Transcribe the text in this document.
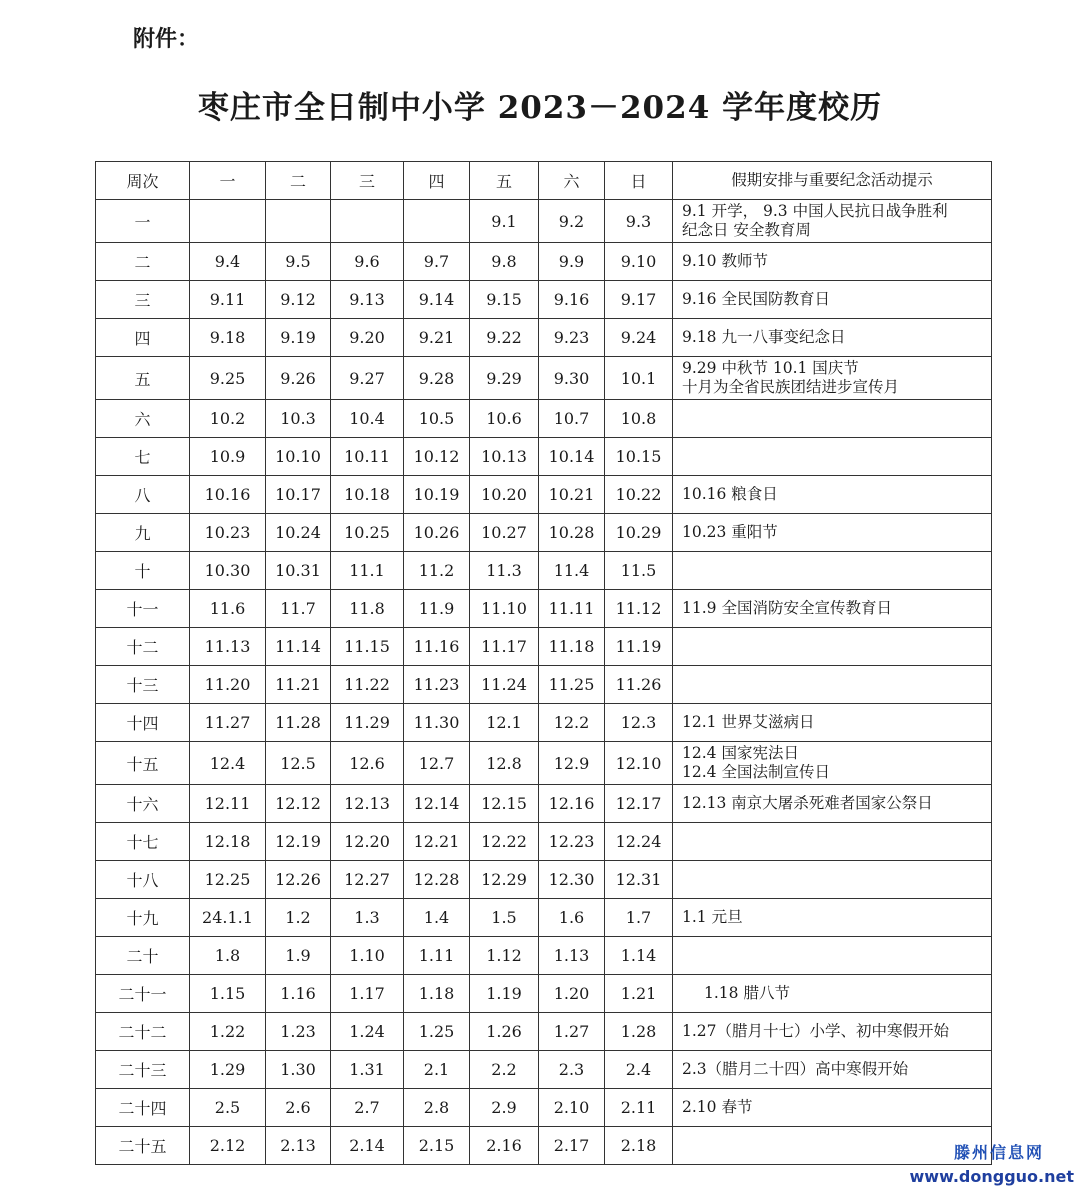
附件：
枣庄市全日制中小学 2023－2024 学年度校历
周次	一	二	三	四	五	六	日	假期安排与重要纪念活动提示
一					9.1	9.2	9.3	9.1 开学， 9.3 中国人民抗日战争胜利
纪念日 安全教育周

二	9.4	9.5	9.6	9.7	9.8	9.9	9.10	9.10 教师节

三	9.11	9.12	9.13	9.14	9.15	9.16	9.17	9.16 全民国防教育日

四	9.18	9.19	9.20	9.21	9.22	9.23	9.24	9.18 九一八事变纪念日

五	9.25	9.26	9.27	9.28	9.29	9.30	10.1	9.29 中秋节 10.1 国庆节
十月为全省民族团结进步宣传月

六	10.2	10.3	10.4	10.5	10.6	10.7	10.8	
七	10.9	10.10	10.11	10.12	10.13	10.14	10.15	
八	10.16	10.17	10.18	10.19	10.20	10.21	10.22	10.16 粮食日

九	10.23	10.24	10.25	10.26	10.27	10.28	10.29	10.23 重阳节

十	10.30	10.31	11.1	11.2	11.3	11.4	11.5	
十一	11.6	11.7	11.8	11.9	11.10	11.11	11.12	11.9 全国消防安全宣传教育日

十二	11.13	11.14	11.15	11.16	11.17	11.18	11.19	
十三	11.20	11.21	11.22	11.23	11.24	11.25	11.26	
十四	11.27	11.28	11.29	11.30	12.1	12.2	12.3	12.1 世界艾滋病日

十五	12.4	12.5	12.6	12.7	12.8	12.9	12.10	12.4 国家宪法日
12.4 全国法制宣传日

十六	12.11	12.12	12.13	12.14	12.15	12.16	12.17	12.13 南京大屠杀死难者国家公祭日

十七	12.18	12.19	12.20	12.21	12.22	12.23	12.24	
十八	12.25	12.26	12.27	12.28	12.29	12.30	12.31	
十九	24.1.1	1.2	1.3	1.4	1.5	1.6	1.7	1.1 元旦

二十	1.8	1.9	1.10	1.11	1.12	1.13	1.14	
二十一	1.15	1.16	1.17	1.18	1.19	1.20	1.21	1.18 腊八节

二十二	1.22	1.23	1.24	1.25	1.26	1.27	1.28	1.27（腊月十七）小学、初中寒假开始

二十三	1.29	1.30	1.31	2.1	2.2	2.3	2.4	2.3（腊月二十四）高中寒假开始

二十四	2.5	2.6	2.7	2.8	2.9	2.10	2.11	2.10 春节

二十五	2.12	2.13	2.14	2.15	2.16	2.17	2.18		滕州信息网
www.dongguo.net
